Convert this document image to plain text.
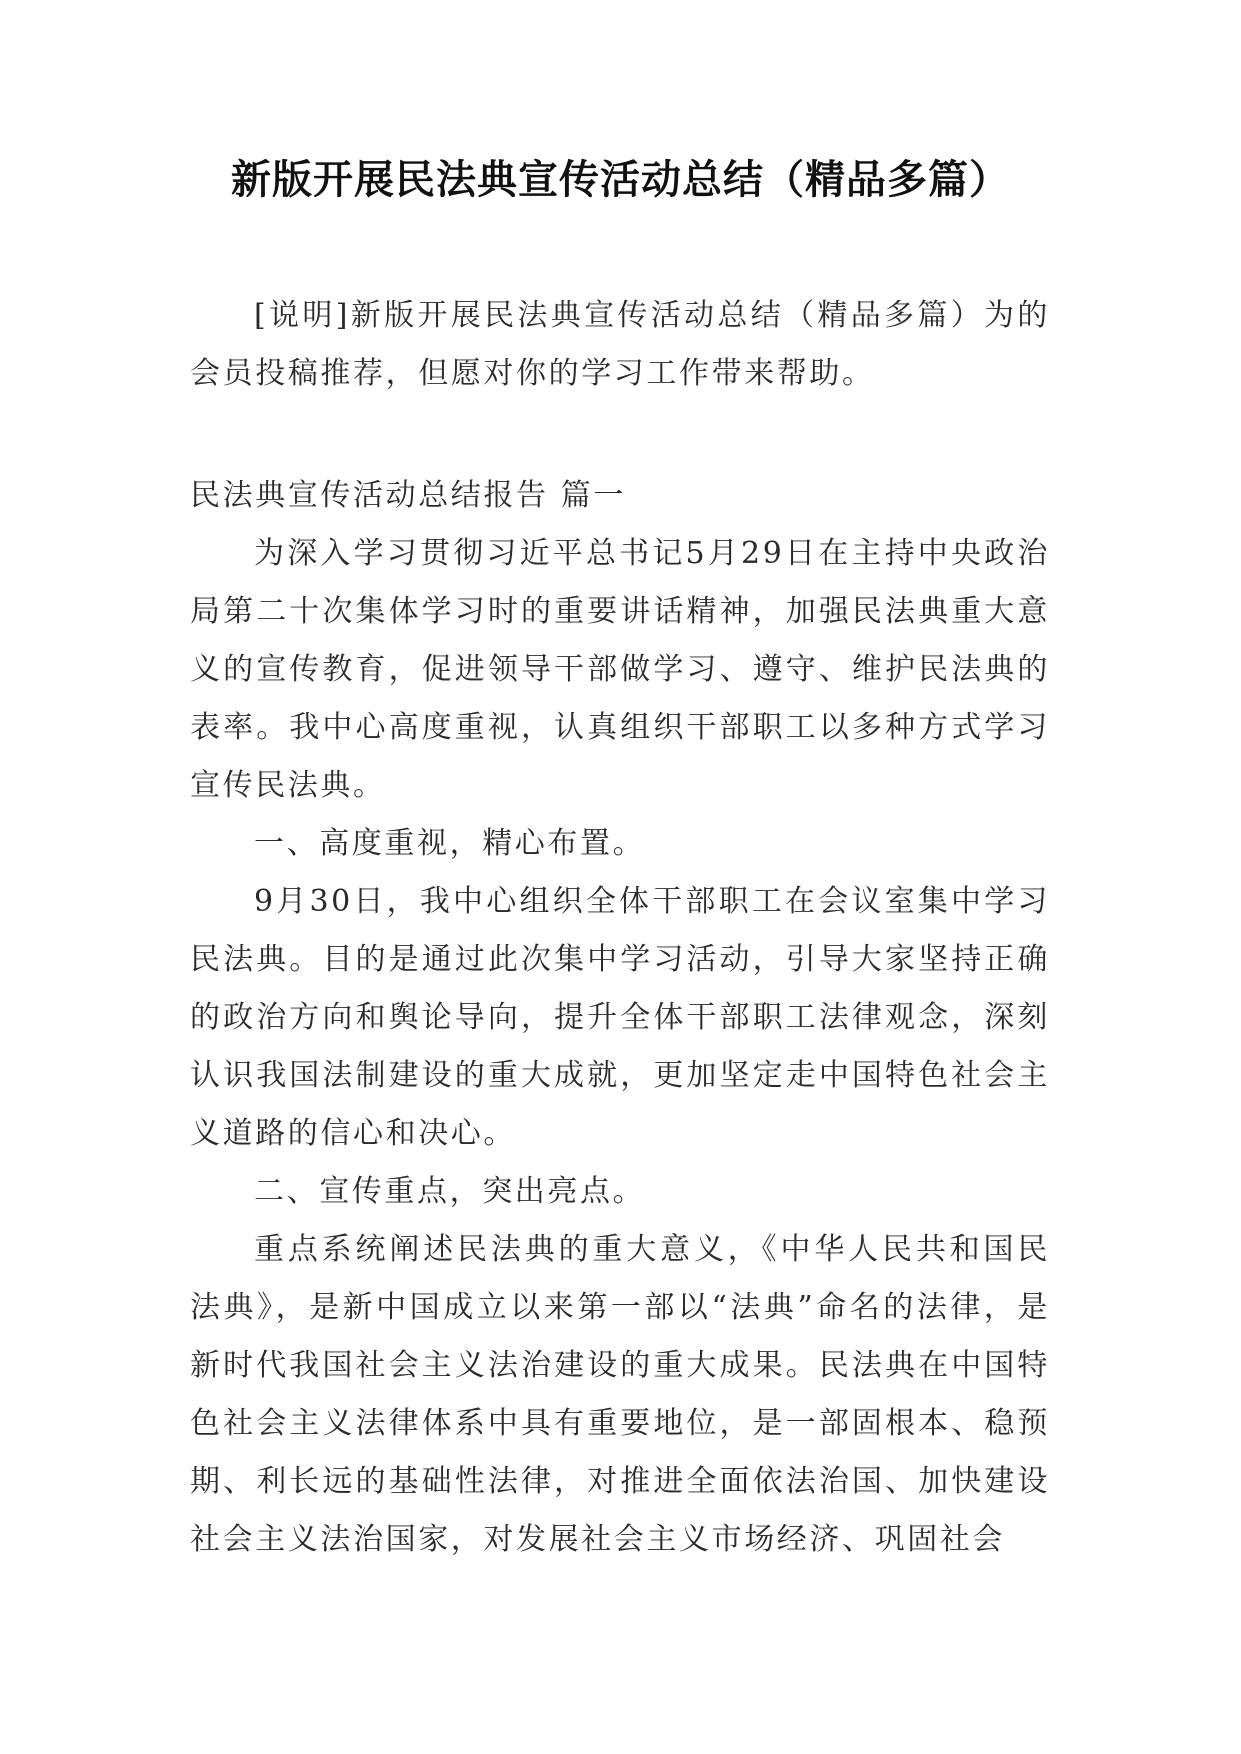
新版开展民法典宣传活动总结（精品多篇）

[说明]新版开展民法典宣传活动总结（精品多篇）为的会员投稿推荐，但愿对你的学习工作带来帮助。

民法典宣传活动总结报告 篇一

为深入学习贯彻习近平总书记5月29日在主持中央政治局第二十次集体学习时的重要讲话精神，加强民法典重大意义的宣传教育，促进领导干部做学习、遵守、维护民法典的表率。我中心高度重视，认真组织干部职工以多种方式学习宣传民法典。

一、高度重视，精心布置。

9月30日，我中心组织全体干部职工在会议室集中学习民法典。目的是通过此次集中学习活动，引导大家坚持正确的政治方向和舆论导向，提升全体干部职工法律观念，深刻认识我国法制建设的重大成就，更加坚定走中国特色社会主义道路的信心和决心。

二、宣传重点，突出亮点。

重点系统阐述民法典的重大意义，《中华人民共和国民法典》，是新中国成立以来第一部以“法典”命名的法律，是新时代我国社会主义法治建设的重大成果。民法典在中国特色社会主义法律体系中具有重要地位，是一部固根本、稳预期、利长远的基础性法律，对推进全面依法治国、加快建设社会主义法治国家，对发展社会主义市场经济、巩固社会
